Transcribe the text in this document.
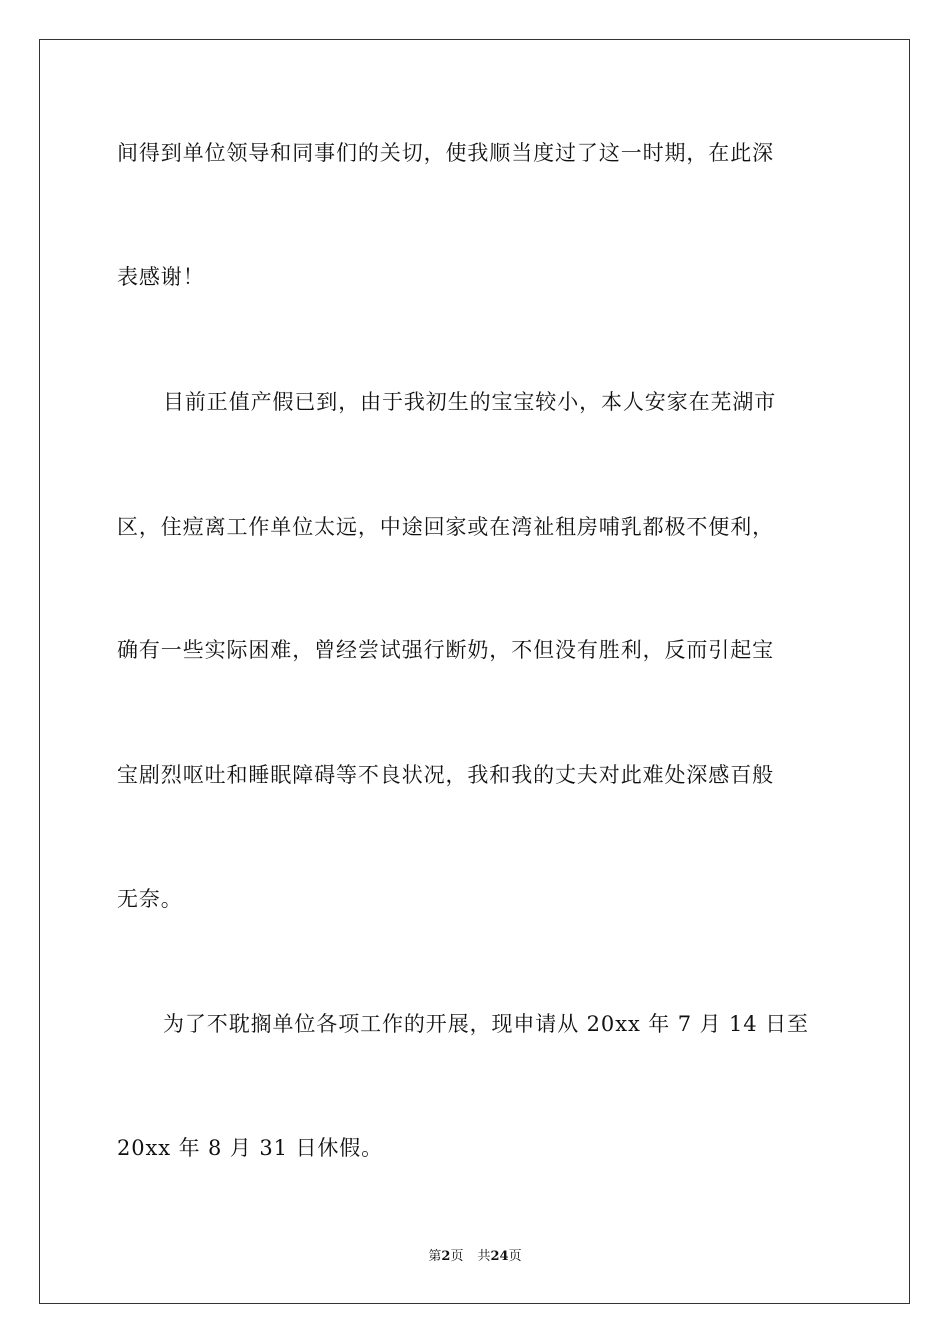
间得到单位领导和同事们的关切，使我顺当度过了这一时期，在此深
表感谢！
目前正值产假已到，由于我初生的宝宝较小，本人安家在芜湖市
区，住痘离工作单位太远，中途回家或在湾祉租房哺乳都极不便利，
确有一些实际困难，曾经尝试强行断奶，不但没有胜利，反而引起宝
宝剧烈呕吐和睡眠障碍等不良状况，我和我的丈夫对此难处深感百般
无奈。
为了不耽搁单位各项工作的开展，现申请从 20xx 年 7 月 14 日至
20xx 年 8 月 31 日休假。
第2页 共24页
